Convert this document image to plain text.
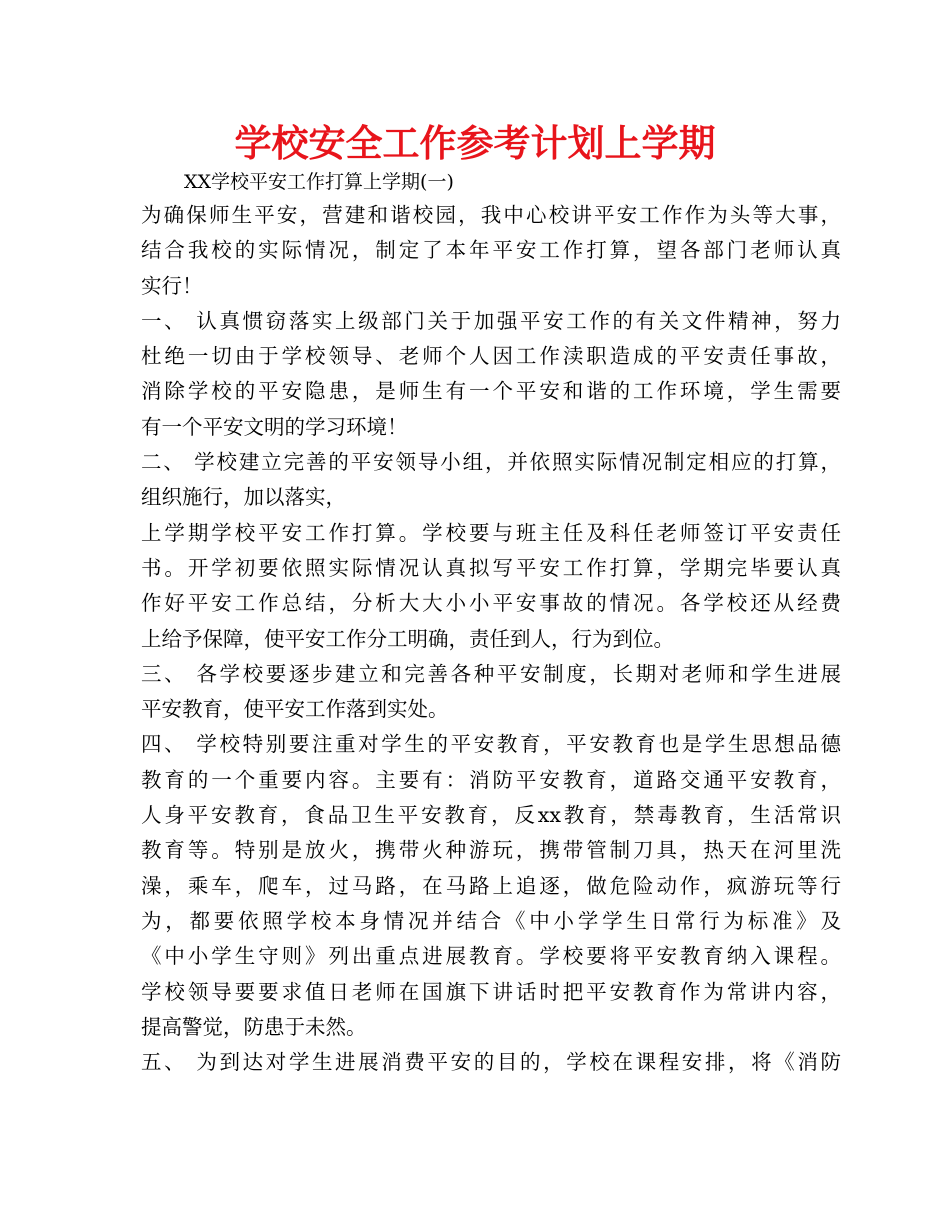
学校安全工作参考计划上学期
XX学校平安工作打算上学期(一)
为确保师生平安，营建和谐校园，我中心校讲平安工作作为头等大事，
结合我校的实际情况，制定了本年平安工作打算，望各部门老师认真
实行！
一、 认真惯窃落实上级部门关于加强平安工作的有关文件精神，努力
杜绝一切由于学校领导、老师个人因工作渎职造成的平安责任事故，
消除学校的平安隐患，是师生有一个平安和谐的工作环境，学生需要
有一个平安文明的学习环境！
二、 学校建立完善的平安领导小组，并依照实际情况制定相应的打算，
组织施行，加以落实，
上学期学校平安工作打算。学校要与班主任及科任老师签订平安责任
书。开学初要依照实际情况认真拟写平安工作打算，学期完毕要认真
作好平安工作总结，分析大大小小平安事故的情况。各学校还从经费
上给予保障，使平安工作分工明确，责任到人，行为到位。
三、 各学校要逐步建立和完善各种平安制度，长期对老师和学生进展
平安教育，使平安工作落到实处。
四、 学校特别要注重对学生的平安教育，平安教育也是学生思想品德
教育的一个重要内容。主要有：消防平安教育，道路交通平安教育，
人身平安教育，食品卫生平安教育，反xx教育，禁毒教育，生活常识
教育等。特别是放火，携带火种游玩，携带管制刀具，热天在河里洗
澡，乘车，爬车，过马路，在马路上追逐，做危险动作，疯游玩等行
为，都要依照学校本身情况并结合《中小学学生日常行为标准》及
《中小学生守则》列出重点进展教育。学校要将平安教育纳入课程。
学校领导要要求值日老师在国旗下讲话时把平安教育作为常讲内容，
提高警觉，防患于未然。
五、 为到达对学生进展消费平安的目的，学校在课程安排，将《消防
